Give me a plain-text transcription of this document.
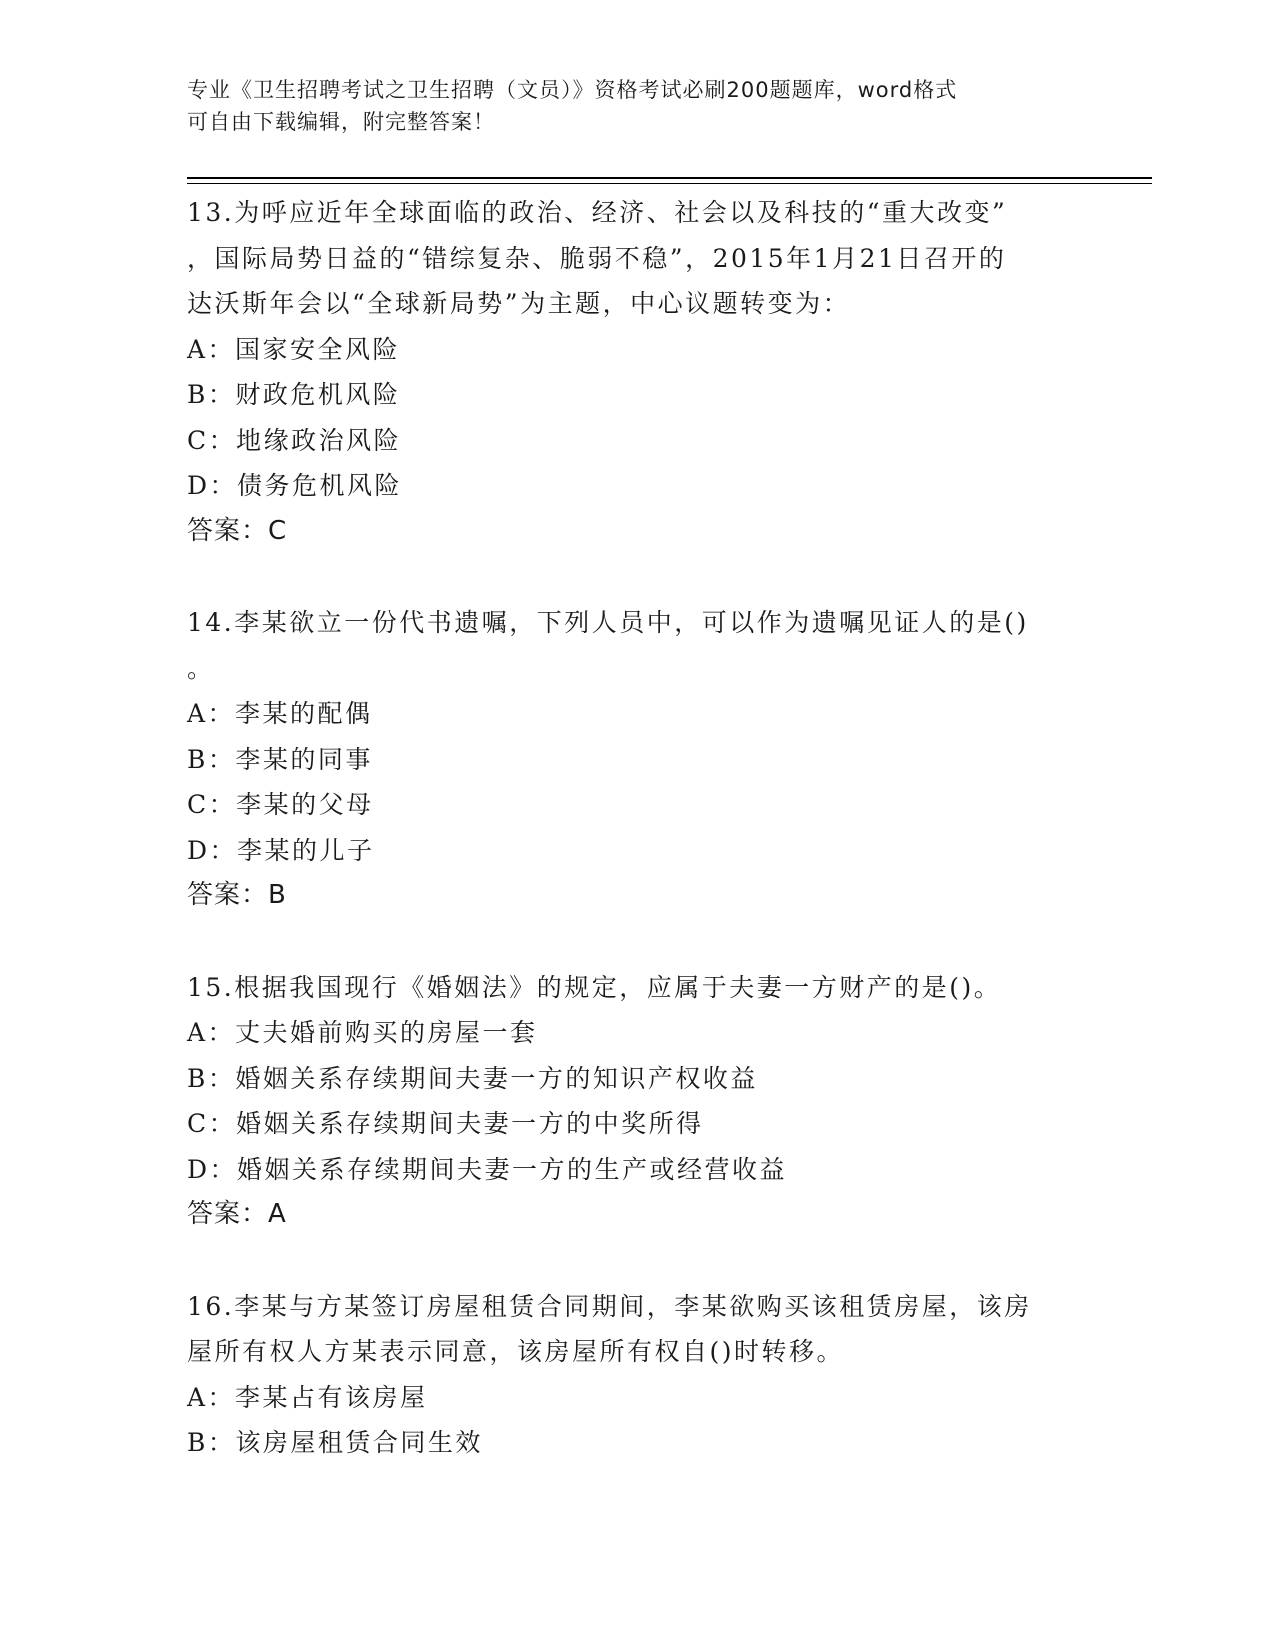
专业《卫生招聘考试之卫生招聘（文员）》资格考试必刷200题题库，word格式
可自由下载编辑，附完整答案！
13.为呼应近年全球面临的政治、经济、社会以及科技的“重大改变”
，国际局势日益的“错综复杂、脆弱不稳”，2015年1月21日召开的
达沃斯年会以“全球新局势”为主题，中心议题转变为：
A：国家安全风险
B：财政危机风险
C：地缘政治风险
D：债务危机风险
答案：C
14.李某欲立一份代书遗嘱，下列人员中，可以作为遗嘱见证人的是()
。
A：李某的配偶
B：李某的同事
C：李某的父母
D：李某的儿子
答案：B
15.根据我国现行《婚姻法》的规定，应属于夫妻一方财产的是()。
A：丈夫婚前购买的房屋一套
B：婚姻关系存续期间夫妻一方的知识产权收益
C：婚姻关系存续期间夫妻一方的中奖所得
D：婚姻关系存续期间夫妻一方的生产或经营收益
答案：A
16.李某与方某签订房屋租赁合同期间，李某欲购买该租赁房屋，该房
屋所有权人方某表示同意，该房屋所有权自()时转移。
A：李某占有该房屋
B：该房屋租赁合同生效
